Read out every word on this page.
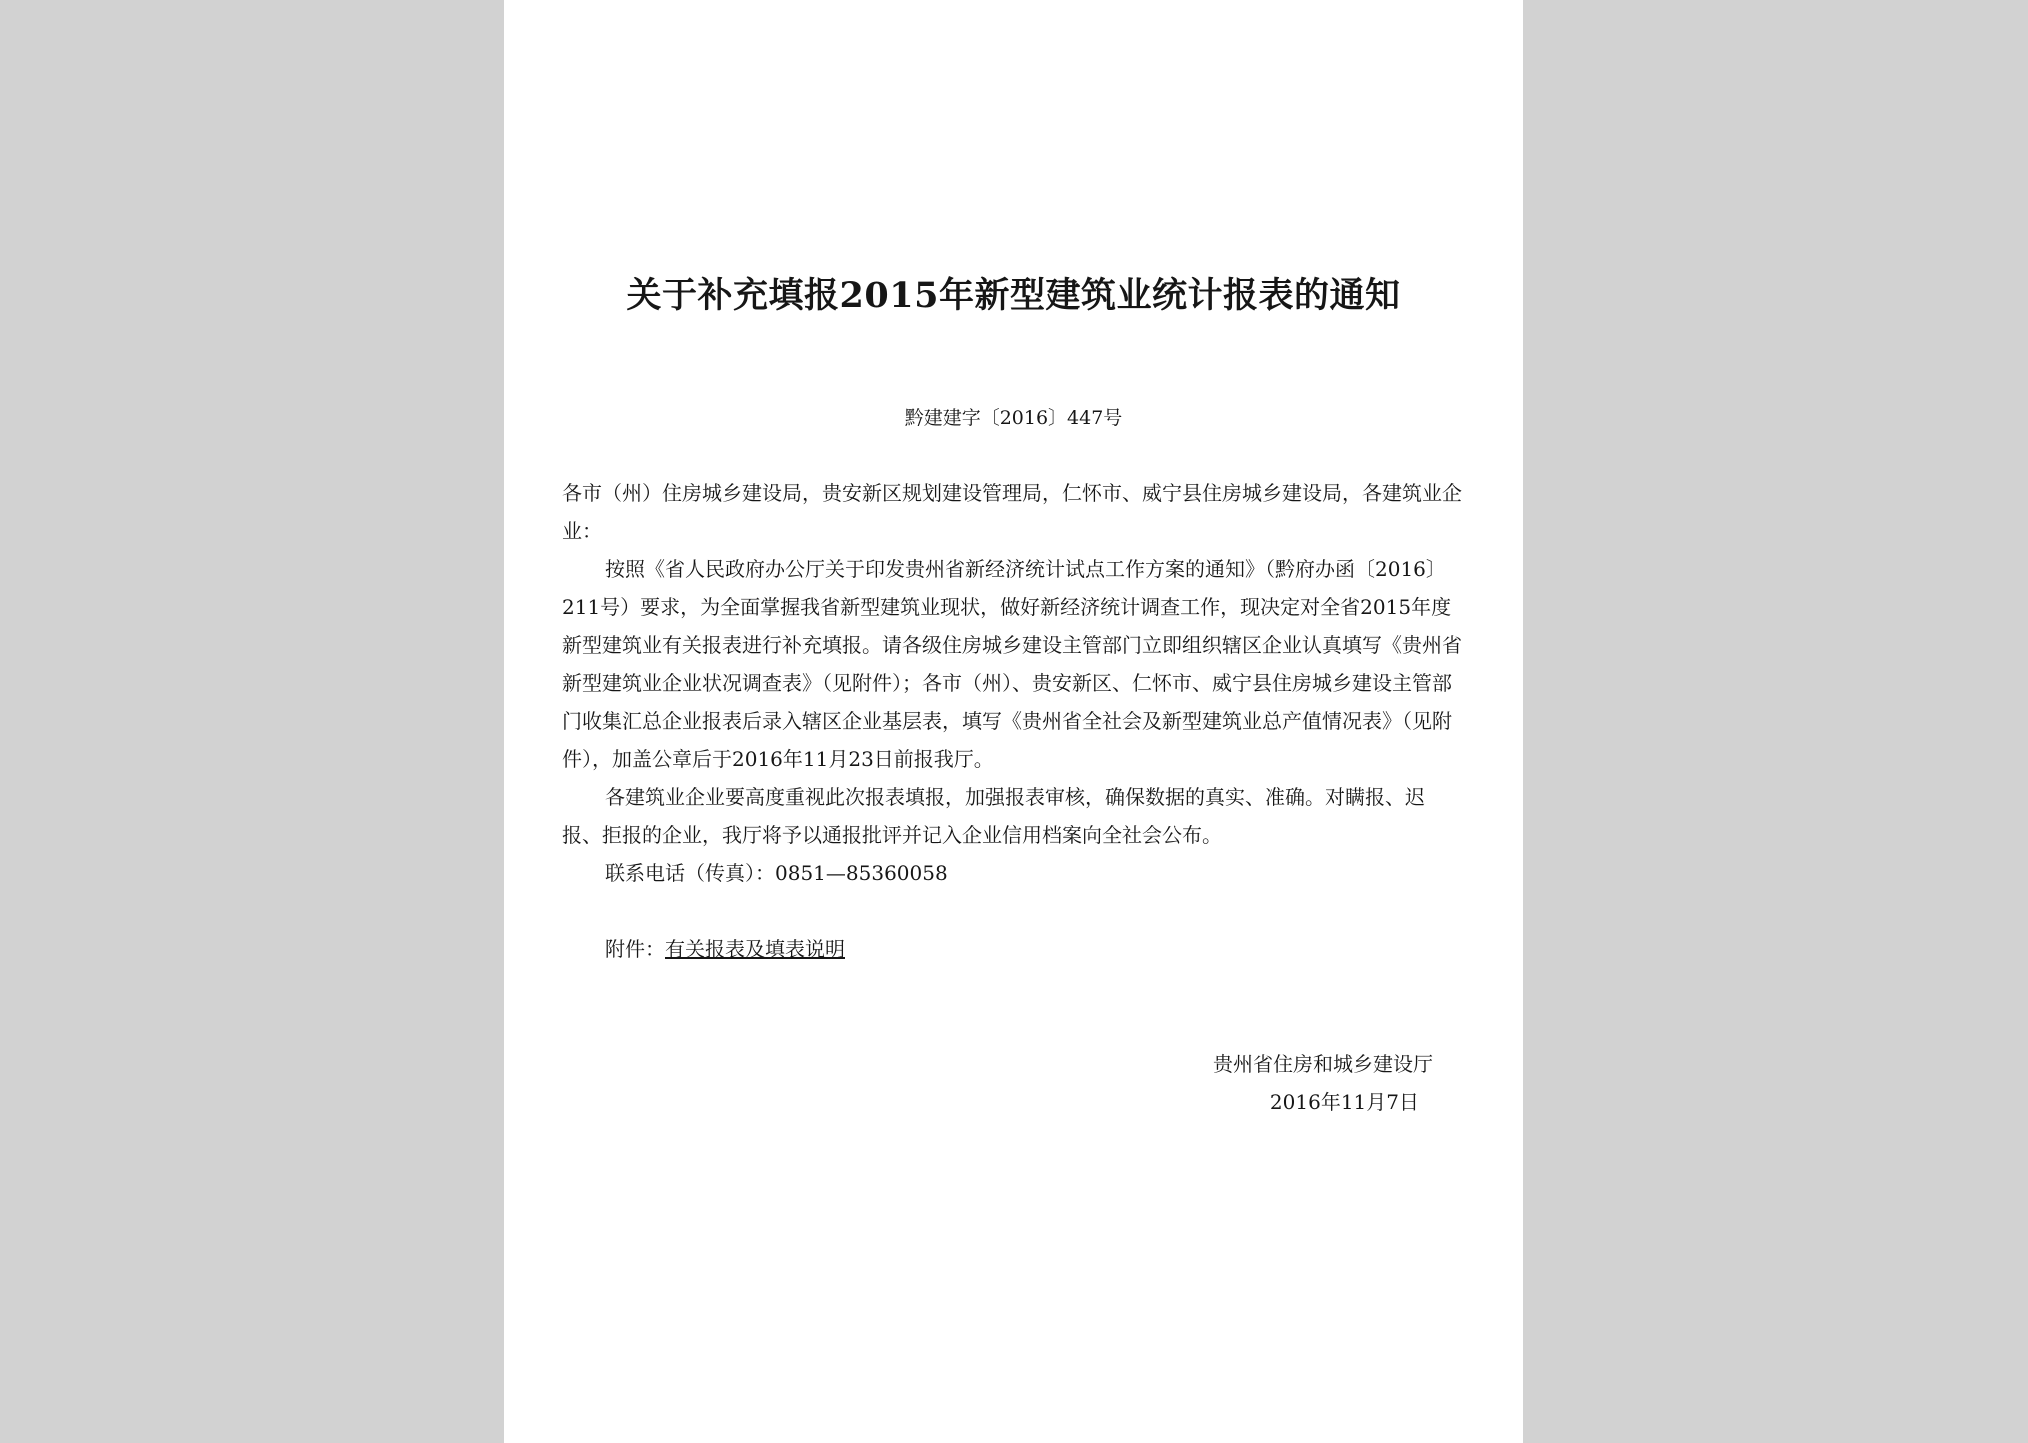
关于补充填报2015年新型建筑业统计报表的通知
黔建建字〔2016〕447号

各市（州）住房城乡建设局，贵安新区规划建设管理局，仁怀市、威宁县住房城乡建设局，各建筑业企业：

按照《省人民政府办公厅关于印发贵州省新经济统计试点工作方案的通知》（黔府办函〔2016〕211号）要求，为全面掌握我省新型建筑业现状，做好新经济统计调查工作，现决定对全省2015年度新型建筑业有关报表进行补充填报。请各级住房城乡建设主管部门立即组织辖区企业认真填写《贵州省新型建筑业企业状况调查表》（见附件）；各市（州）、贵安新区、仁怀市、威宁县住房城乡建设主管部门收集汇总企业报表后录入辖区企业基层表，填写《贵州省全社会及新型建筑业总产值情况表》（见附件），加盖公章后于2016年11月23日前报我厅。

各建筑业企业要高度重视此次报表填报，加强报表审核，确保数据的真实、准确。对瞒报、迟报、拒报的企业，我厅将予以通报批评并记入企业信用档案向全社会公布。

联系电话（传真）：0851—85360058
附件：有关报表及填表说明
贵州省住房和城乡建设厅
2016年11月7日
